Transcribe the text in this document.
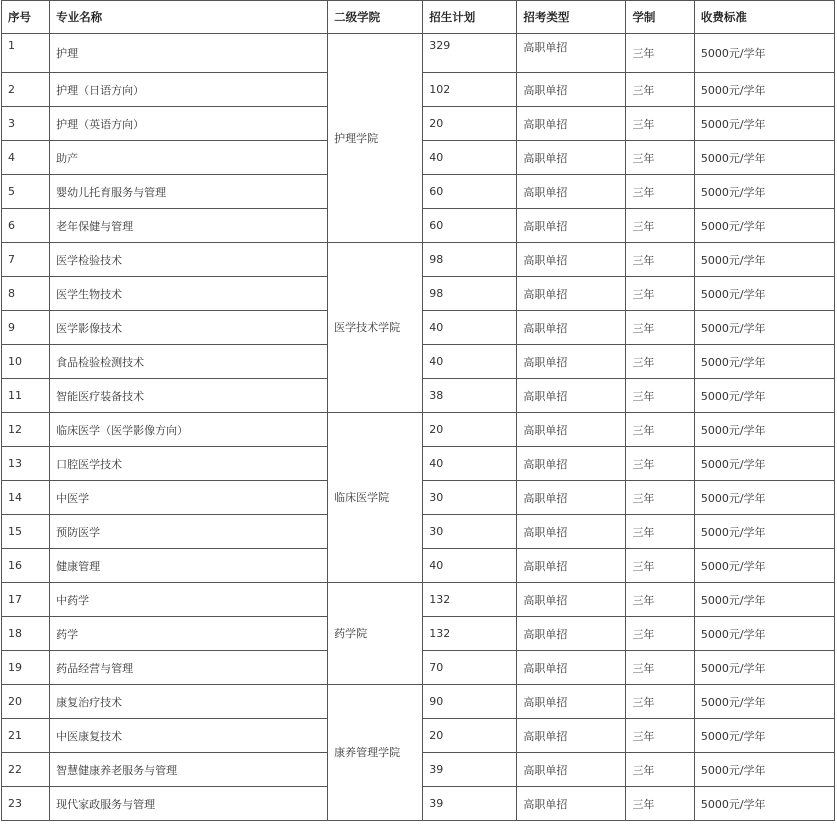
序号	专业名称	二级学院	招生计划	招考类型	学制	收费标准
1	护理	护理学院	329	高职单招	三年	5000元/学年
2	护理（日语方向）		102	高职单招	三年	5000元/学年
3	护理（英语方向）		20	高职单招	三年	5000元/学年
4	助产		40	高职单招	三年	5000元/学年
5	婴幼儿托育服务与管理		60	高职单招	三年	5000元/学年
6	老年保健与管理		60	高职单招	三年	5000元/学年
7	医学检验技术	医学技术学院	98	高职单招	三年	5000元/学年
8	医学生物技术		98	高职单招	三年	5000元/学年
9	医学影像技术		40	高职单招	三年	5000元/学年
10	食品检验检测技术		40	高职单招	三年	5000元/学年
11	智能医疗装备技术		38	高职单招	三年	5000元/学年
12	临床医学（医学影像方向）	临床医学院	20	高职单招	三年	5000元/学年
13	口腔医学技术		40	高职单招	三年	5000元/学年
14	中医学		30	高职单招	三年	5000元/学年
15	预防医学		30	高职单招	三年	5000元/学年
16	健康管理		40	高职单招	三年	5000元/学年
17	中药学	药学院	132	高职单招	三年	5000元/学年
18	药学		132	高职单招	三年	5000元/学年
19	药品经营与管理		70	高职单招	三年	5000元/学年
20	康复治疗技术	康养管理学院	90	高职单招	三年	5000元/学年
21	中医康复技术		20	高职单招	三年	5000元/学年
22	智慧健康养老服务与管理		39	高职单招	三年	5000元/学年
23	现代家政服务与管理		39	高职单招	三年	5000元/学年
